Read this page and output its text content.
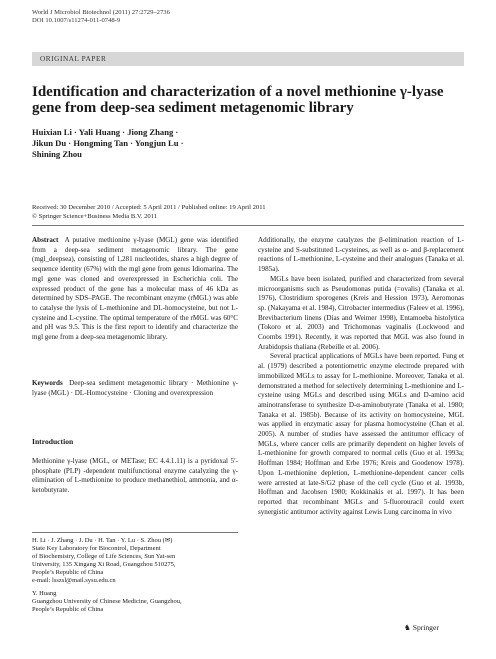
World J Microbiol Biotechnol (2011) 27:2729–2736
DOI 10.1007/s11274-011-0748-9
ORIGINAL PAPER
Identification and characterization of a novel methionine γ-lyase gene from deep-sea sediment metagenomic library
Huixian Li · Yali Huang · Jiong Zhang ·
Jikun Du · Hongming Tan · Yongjun Lu ·
Shining Zhou
Received: 30 December 2010 / Accepted: 5 April 2011 / Published online: 19 April 2011
© Springer Science+Business Media B.V. 2011

Abstract A putative methionine γ-lyase (MGL) gene was identified from a deep-sea sediment metagenomic library. The gene (mgl_deepsea), consisting of 1,281 nucleotides, shares a high degree of sequence identity (67%) with the mgl gene from genus Idiomarina. The mgl gene was cloned and overexpressed in Escherichia coli. The expressed product of the gene has a molecular mass of 46 kDa as determined by SDS–PAGE. The recombinant enzyme (rMGL) was able to catalyse the lysis of L-methionine and DL-homocysteine, but not L-cysteine and L-cystine. The optimal temperature of the rMGL was 60°C and pH was 9.5. This is the first report to identify and characterize the mgl gene from a deep-sea metagenomic library.

Keywords Deep-sea sediment metagenomic library · Methionine γ-lyase (MGL) · DL-Homocysteine · Cloning and overexpression

Introduction
Methionine γ-lyase (MGL, or METase; EC 4.4.1.11) is a pyridoxal 5′-phosphate (PLP) -dependent multifunctional enzyme catalyzing the γ-elimination of L-methionine to produce methanethiol, ammonia, and α-ketobutyrate.
H. Li · J. Zhang · J. Du · H. Tan · Y. Lu · S. Zhou (✉)
State Key Laboratory for Biocontrol, Department
of Biochemistry, College of Life Sciences, Sun Yat-sen
University, 135 Xingang Xi Road, Guangzhou 510275,
People’s Republic of China
e-mail: lsszsl@mail.sysu.edu.cn
Y. Huang
Guangzhou University of Chinese Medicine, Guangzhou,
People’s Republic of China

Additionally, the enzyme catalyzes the β-elimination reaction of L-cysteine and S-substituted L-cysteines, as well as α- and β-replacement reactions of L-methionine, L-cysteine and their analogues (Tanaka et al. 1985a).

MGLs have been isolated, purified and characterized from several microorganisms such as Pseudomonas putida (=ovalis) (Tanaka et al. 1976), Clostridium sporogenes (Kreis and Hession 1973), Aeromonas sp. (Nakayama et al. 1984), Citrobacter intermedius (Faleev et al. 1996), Brevibacterium linens (Dias and Weimer 1998), Entamoeba histolytica (Tokoro et al. 2003) and Trichomonas vaginalis (Lockwood and Coombs 1991). Recently, it was reported that MGL was also found in Arabidopsis thaliana (Rebeille et al. 2006).

Several practical applications of MGLs have been reported. Fung et al. (1979) described a potentiometric enzyme electrode prepared with immobilized MGLs to assay for L-methionine. Moreover, Tanaka et al. demonstrated a method for selectively determining L-methionine and L-cysteine using MGLs and described using MGLs and D-amino acid aminotransferase to synthesize D-α-aminobutyrate (Tanaka et al. 1980; Tanaka et al. 1985b). Because of its activity on homocysteine, MGL was applied in enzymatic assay for plasma homocysteine (Chan et al. 2005). A number of studies have assessed the antitumor efficacy of MGLs, where cancer cells are primarily dependent on higher levels of L-methionine for growth compared to normal cells (Guo et al. 1993a; Hoffman 1984; Hoffman and Erbe 1976; Kreis and Goodenow 1978). Upon L-methionine depletion, L-methionine-dependent cancer cells were arrested at late-S/G2 phase of the cell cycle (Guo et al. 1993b, Hoffman and Jacobsen 1980; Kokkinakis et al. 1997). It has been reported that recombinant MGLs and 5-fluorouracil could exert synergistic antitumor activity against Lewis Lung carcinoma in vivo

♞ Springer
